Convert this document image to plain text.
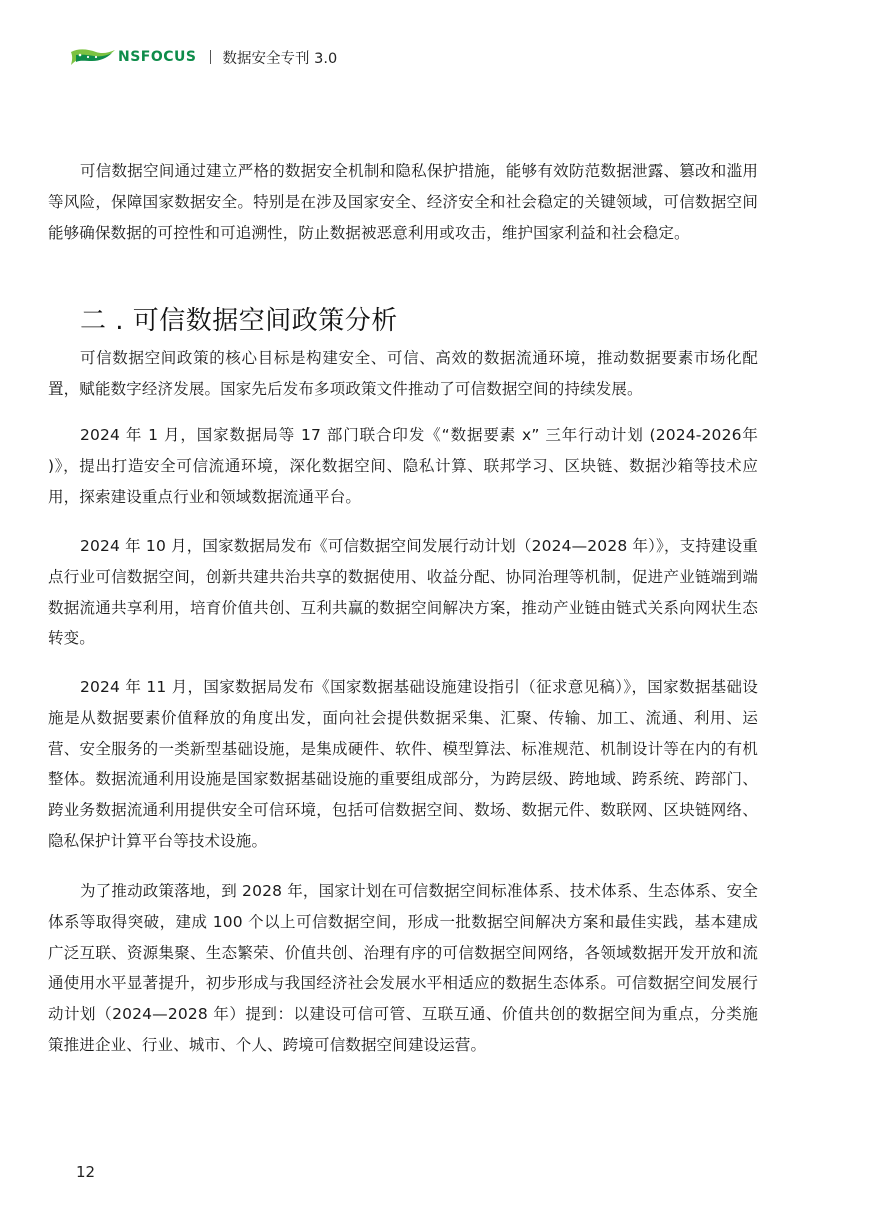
NSFOCUS 数据安全专刊 3.0

可信数据空间通过建立严格的数据安全机制和隐私保护措施，能够有效防范数据泄露、篡改和滥用等风险，保障国家数据安全。特别是在涉及国家安全、经济安全和社会稳定的关键领域，可信数据空间能够确保数据的可控性和可追溯性，防止数据被恶意利用或攻击，维护国家利益和社会稳定。

二 . 可信数据空间政策分析

可信数据空间政策的核心目标是构建安全、可信、高效的数据流通环境，推动数据要素市场化配置，赋能数字经济发展。国家先后发布多项政策文件推动了可信数据空间的持续发展。

2024 年 1 月，国家数据局等 17 部门联合印发《“数据要素 x” 三年行动计划 (2024-2026年 )》，提出打造安全可信流通环境，深化数据空间、隐私计算、联邦学习、区块链、数据沙箱等技术应用，探索建设重点行业和领域数据流通平台。

2024 年 10 月，国家数据局发布《可信数据空间发展行动计划（2024—2028 年）》，支持建设重点行业可信数据空间，创新共建共治共享的数据使用、收益分配、协同治理等机制，促进产业链端到端数据流通共享利用，培育价值共创、互利共赢的数据空间解决方案，推动产业链由链式关系向网状生态转变。

2024 年 11 月，国家数据局发布《国家数据基础设施建设指引（征求意见稿）》，国家数据基础设施是从数据要素价值释放的角度出发，面向社会提供数据采集、汇聚、传输、加工、流通、利用、运营、安全服务的一类新型基础设施，是集成硬件、软件、模型算法、标准规范、机制设计等在内的有机整体。数据流通利用设施是国家数据基础设施的重要组成部分，为跨层级、跨地域、跨系统、跨部门、跨业务数据流通利用提供安全可信环境，包括可信数据空间、数场、数据元件、数联网、区块链网络、隐私保护计算平台等技术设施。

为了推动政策落地，到 2028 年，国家计划在可信数据空间标准体系、技术体系、生态体系、安全体系等取得突破，建成 100 个以上可信数据空间，形成一批数据空间解决方案和最佳实践，基本建成广泛互联、资源集聚、生态繁荣、价值共创、治理有序的可信数据空间网络，各领域数据开发开放和流通使用水平显著提升，初步形成与我国经济社会发展水平相适应的数据生态体系。可信数据空间发展行动计划（2024—2028 年）提到：以建设可信可管、互联互通、价值共创的数据空间为重点，分类施策推进企业、行业、城市、个人、跨境可信数据空间建设运营。

12
